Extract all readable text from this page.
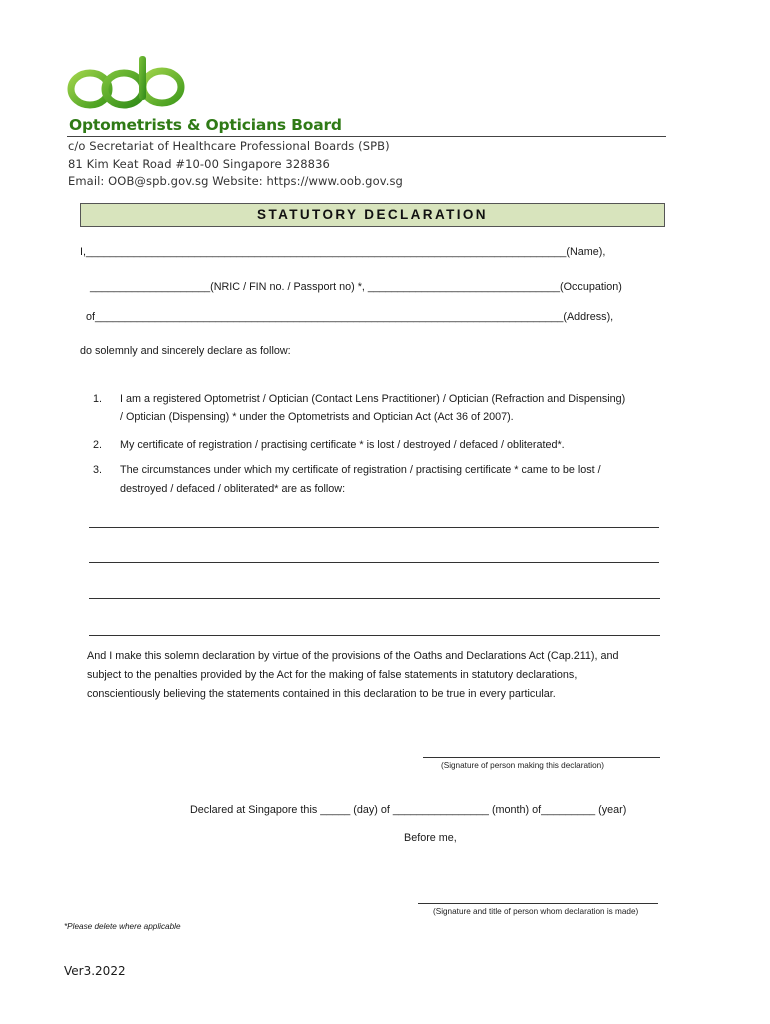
Optometrists & Opticians Board
c/o Secretariat of Healthcare Professional Boards (SPB)
81 Kim Keat Road #10-00 Singapore 328836
Email: OOB@spb.gov.sg Website: https://www.oob.gov.sg
STATUTORY DECLARATION
I,________________________________________________________________________________(Name),
____________________(NRIC / FIN no. / Passport no) *, ________________________________(Occupation)
of______________________________________________________________________________(Address),
do solemnly and sincerely declare as follow:
1. I am a registered Optometrist / Optician (Contact Lens Practitioner) / Optician (Refraction and Dispensing)
/ Optician (Dispensing) * under the Optometrists and Optician Act (Act 36 of 2007).
2. My certificate of registration / practising certificate * is lost / destroyed / defaced / obliterated*.
3. The circumstances under which my certificate of registration / practising certificate * came to be lost /
destroyed / defaced / obliterated* are as follow:
And I make this solemn declaration by virtue of the provisions of the Oaths and Declarations Act (Cap.211), and
subject to the penalties provided by the Act for the making of false statements in statutory declarations,
conscientiously believing the statements contained in this declaration to be true in every particular.
(Signature of person making this declaration)
Declared at Singapore this _____ (day) of ________________ (month) of_________ (year)
Before me,
(Signature and title of person whom declaration is made)
*Please delete where applicable
Ver3.2022
